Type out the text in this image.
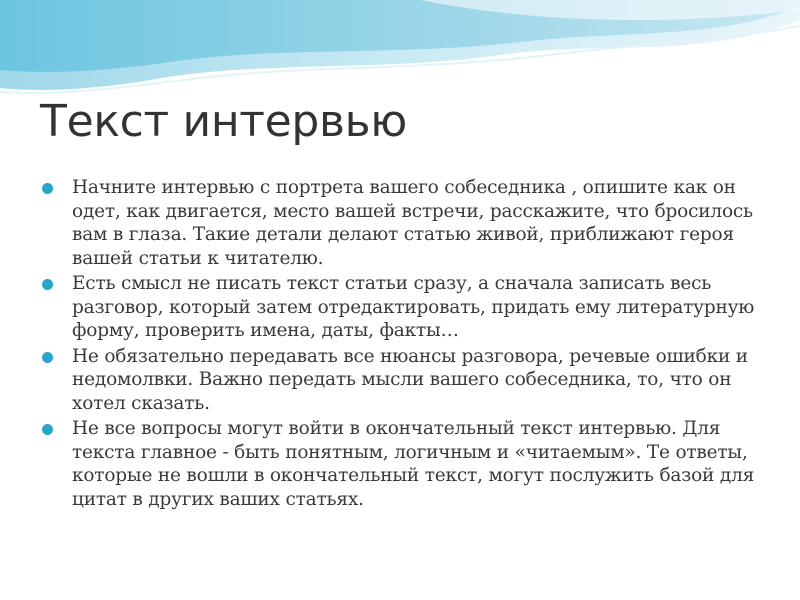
Текст интервью
Начните интервью с портрета вашего собеседника , опишите как он одет, как двигается, место вашей встречи, расскажите, что бросилось вам в глаза. Такие детали делают статью живой, приближают героя вашей статьи к читателю.
Есть смысл не писать текст статьи сразу, а сначала записать весь разговор, который затем отредактировать, придать ему литературную форму, проверить имена, даты, факты…
Не обязательно передавать все нюансы разговора, речевые ошибки и недомолвки. Важно передать мысли вашего собеседника, то, что он хотел сказать.
Не все вопросы могут войти в окончательный текст интервью. Для текста главное - быть понятным, логичным и «читаемым». Те ответы, которые не вошли в окончательный текст, могут послужить базой для цитат в других ваших статьях.
